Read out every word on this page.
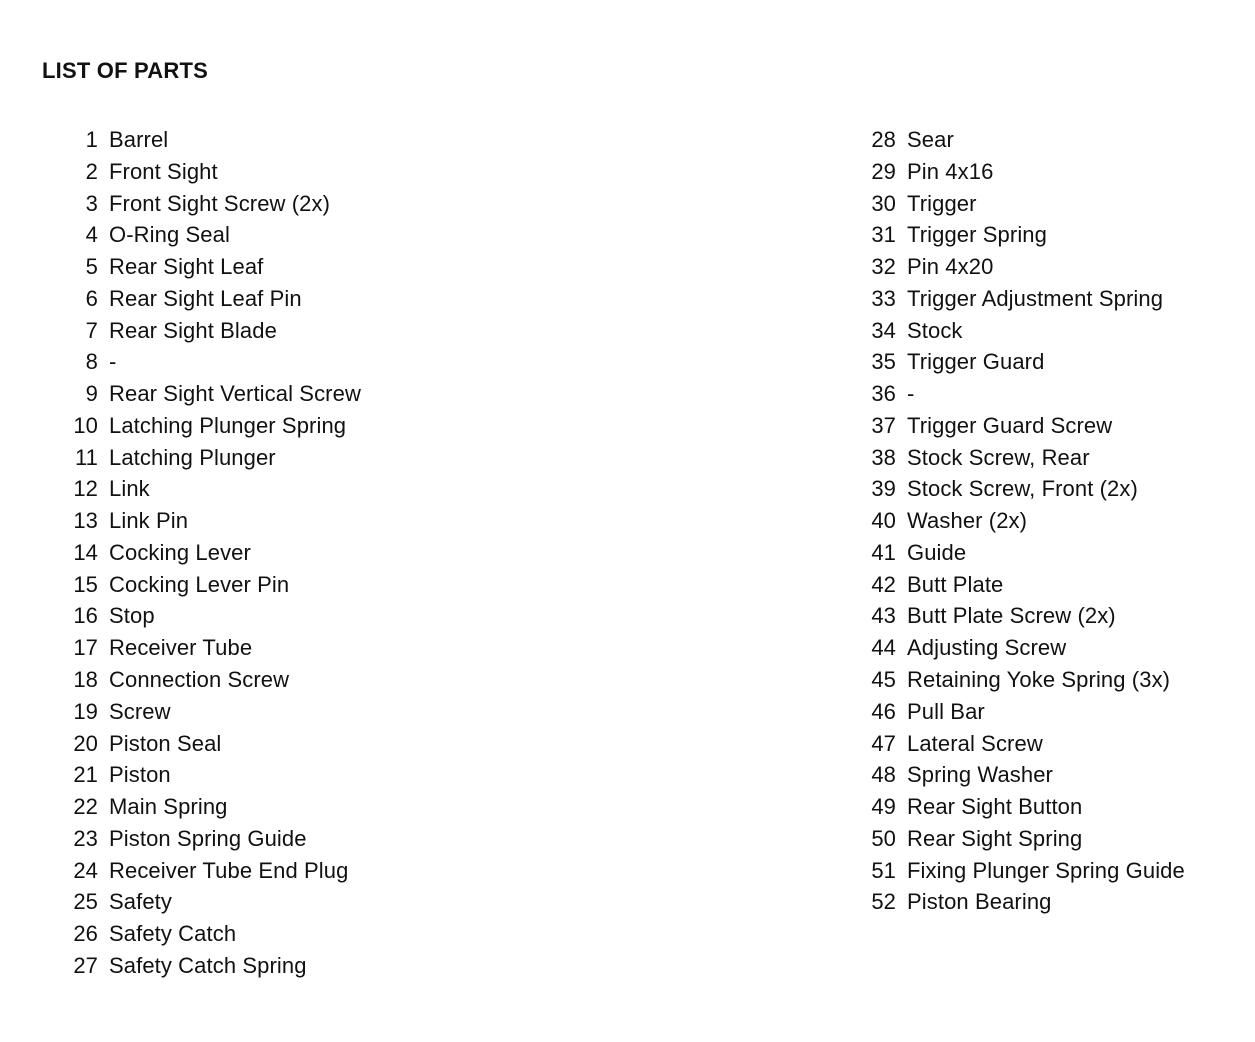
LIST OF PARTS
1 Barrel
2 Front Sight
3 Front Sight Screw (2x)
4 O-Ring Seal
5 Rear Sight Leaf
6 Rear Sight Leaf Pin
7 Rear Sight Blade
8 -
9 Rear Sight Vertical Screw
10 Latching Plunger Spring
11 Latching Plunger
12 Link
13 Link Pin
14 Cocking Lever
15 Cocking Lever Pin
16 Stop
17 Receiver Tube
18 Connection Screw
19 Screw
20 Piston Seal
21 Piston
22 Main Spring
23 Piston Spring Guide
24 Receiver Tube End Plug
25 Safety
26 Safety Catch
27 Safety Catch Spring
28 Sear
29 Pin 4x16
30 Trigger
31 Trigger Spring
32 Pin 4x20
33 Trigger Adjustment Spring
34 Stock
35 Trigger Guard
36 -
37 Trigger Guard Screw
38 Stock Screw, Rear
39 Stock Screw, Front (2x)
40 Washer (2x)
41 Guide
42 Butt Plate
43 Butt Plate Screw (2x)
44 Adjusting Screw
45 Retaining Yoke Spring (3x)
46 Pull Bar
47 Lateral Screw
48 Spring Washer
49 Rear Sight Button
50 Rear Sight Spring
51 Fixing Plunger Spring Guide
52 Piston Bearing
